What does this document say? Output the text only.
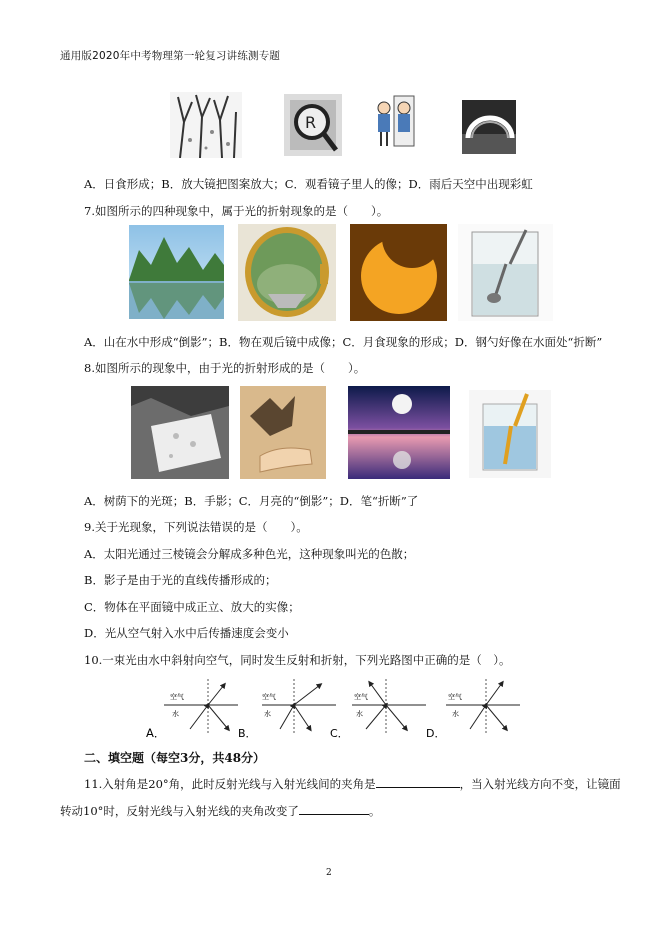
通用版2020年中考物理第一轮复习讲练测专题
R
A．日食形成；B．放大镜把图案放大；C．观看镜子里人的像；D．雨后天空中出现彩虹
7.如图所示的四种现象中，属于光的折射现象的是（　　）。
A．山在水中形成“倒影”；B．物在观后镜中成像；C．月食现象的形成；D．钢勺好像在水面处“折断”
8.如图所示的现象中，由于光的折射形成的是（　　）。
A．树荫下的光斑；B．手影；C．月亮的“倒影”；D．笔“折断”了
9.关于光现象，下列说法错误的是（　　）。
A．太阳光通过三棱镜会分解成多种色光，这种现象叫光的色散；
B．影子是由于光的直线传播形成的；
C．物体在平面镜中成正立、放大的实像；
D．光从空气射入水中后传播速度会变小
10.一束光由水中斜射向空气，同时发生反射和折射，下列光路图中正确的是（　）。
空气
水
A．
空气
水
B．
空气
水
C．
空气
水
D．
二、填空题（每空3分，共48分）
11.入射角是20°角，此时反射光线与入射光线间的夹角是	，当入射光线方向不变，让镜面
转动10°时，反射光线与入射光线的夹角改变了	。
2
